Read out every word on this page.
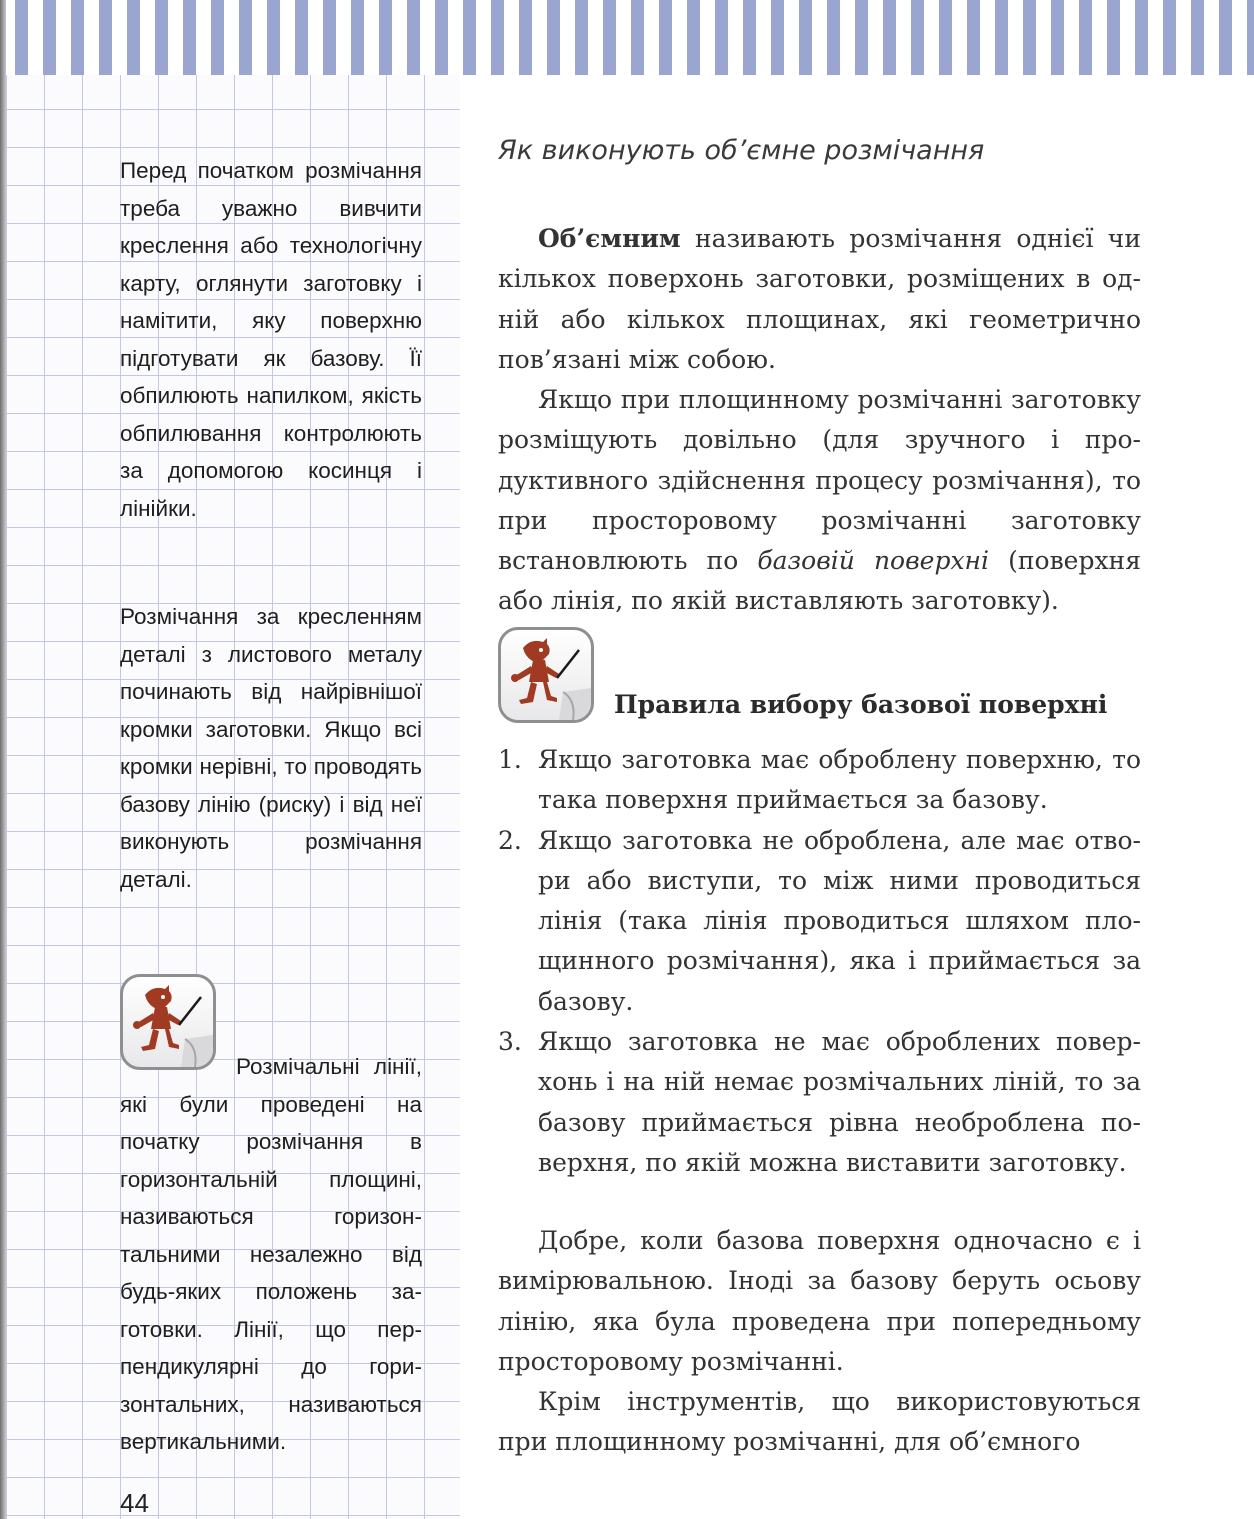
Перед початком розмічання треба уважно вивчити креслення або технологічну карту, оглянути заготовку і намітити, яку поверхню підготувати як базову. Її обпилюють напилком, якість обпилювання контролюють за допомогою косинця і лінійки.

Розмічання за кресленням деталі з листового металу починають від найрівнішої кромки заготовки. Якщо всі кромки нерівні, то проводять базову лінію (риску) і від неї виконують розмічання деталі.

Розмічальні лінії, які були проведені на початку розмічання в горизонтальній площині, називаються горизонтальними незалежно від будь-яких положень заготовки. Лінії, що перпендикулярні до горизонтальних, називаються вертикальними.

44
Як виконують об’ємне розмічання

Об’ємним називають розмічання однієї чи кількох поверхонь заготовки, розміщених в одній або кількох площинах, які геометрично пов’язані між собою.

Якщо при площинному розмічанні заготовку розміщують довільно (для зручного і продуктивного здійснення процесу розмічання), то при просторовому розмічанні заготовку встановлюють по базовій поверхні (поверхня або лінія, по якій виставляють заготовку).

Правила вибору базової поверхні
1. Якщо заготовка має оброблену поверхню, то така поверхня приймається за базову.
2. Якщо заготовка не оброблена, але має отвори або виступи, то між ними проводиться лінія (така лінія проводиться шляхом площинного розмічання), яка і приймається за базову.
3. Якщо заготовка не має оброблених поверхонь і на ній немає розмічальних ліній, то за базову приймається рівна необроблена поверхня, по якій можна виставити заготовку.

Добре, коли базова поверхня одночасно є і вимірювальною. Іноді за базову беруть осьову лінію, яка була проведена при попередньому просторовому розмічанні.

Крім інструментів, що використовуються при площинному розмічанні, для об’ємного
